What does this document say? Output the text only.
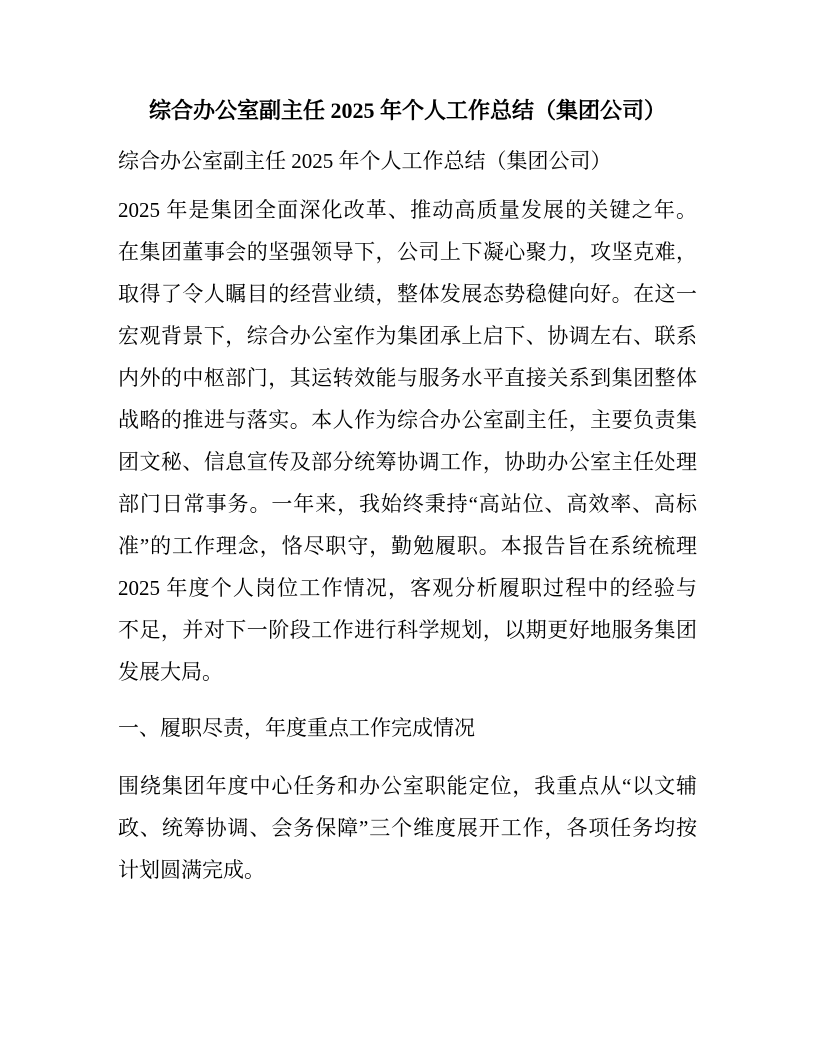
综合办公室副主任 2025 年个人工作总结（集团公司）
综合办公室副主任 2025 年个人工作总结（集团公司）
2025 年是集团全面深化改革、推动高质量发展的关键之年。
在集团董事会的坚强领导下，公司上下凝心聚力，攻坚克难，
取得了令人瞩目的经营业绩，整体发展态势稳健向好。在这一
宏观背景下，综合办公室作为集团承上启下、协调左右、联系
内外的中枢部门，其运转效能与服务水平直接关系到集团整体
战略的推进与落实。本人作为综合办公室副主任，主要负责集
团文秘、信息宣传及部分统筹协调工作，协助办公室主任处理
部门日常事务。一年来，我始终秉持“高站位、高效率、高标
准”的工作理念，恪尽职守，勤勉履职。本报告旨在系统梳理
2025 年度个人岗位工作情况，客观分析履职过程中的经验与
不足，并对下一阶段工作进行科学规划，以期更好地服务集团
发展大局。
一、履职尽责，年度重点工作完成情况
围绕集团年度中心任务和办公室职能定位，我重点从“以文辅
政、统筹协调、会务保障”三个维度展开工作，各项任务均按
计划圆满完成。
